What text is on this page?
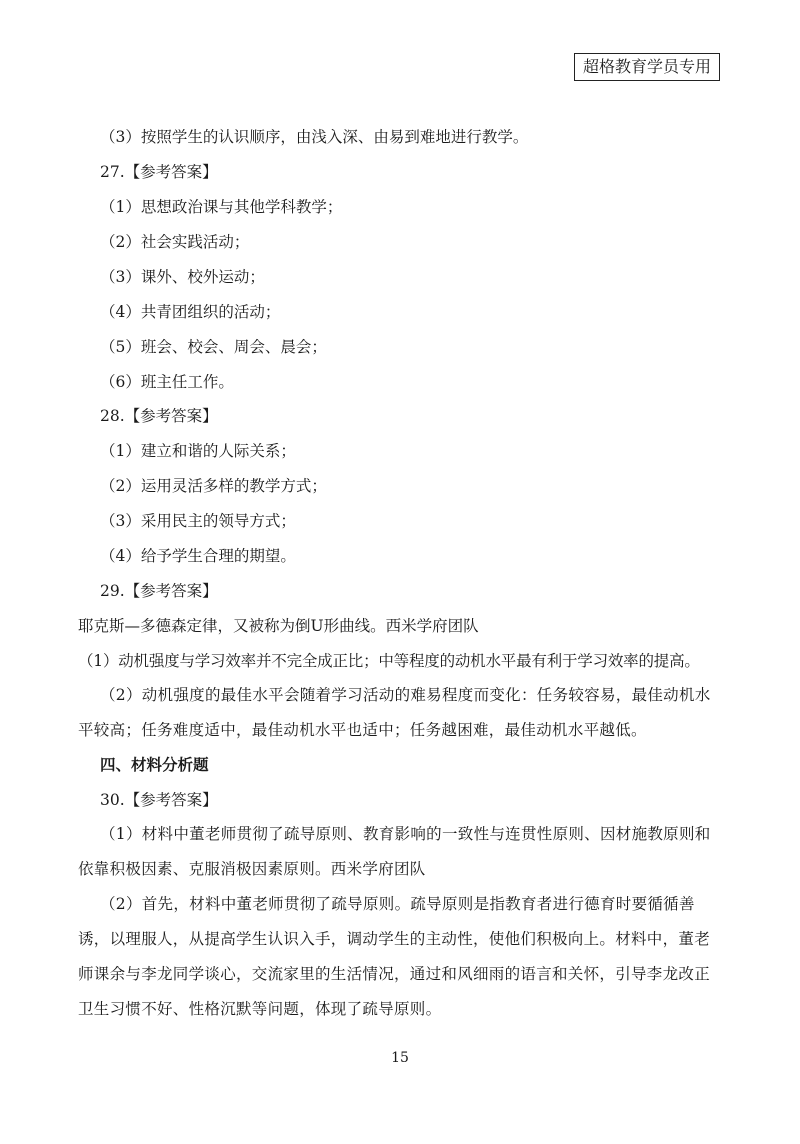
超格教育学员专用
（3）按照学生的认识顺序，由浅入深、由易到难地进行教学。
27.【参考答案】
（1）思想政治课与其他学科教学；
（2）社会实践活动；
（3）课外、校外运动；
（4）共青团组织的活动；
（5）班会、校会、周会、晨会；
（6）班主任工作。
28.【参考答案】
（1）建立和谐的人际关系；
（2）运用灵活多样的教学方式；
（3）采用民主的领导方式；
（4）给予学生合理的期望。
29.【参考答案】
耶克斯—多德森定律，又被称为倒U形曲线。西米学府团队
（1）动机强度与学习效率并不完全成正比；中等程度的动机水平最有利于学习效率的提高。
（2）动机强度的最佳水平会随着学习活动的难易程度而变化：任务较容易，最佳动机水平较高；任务难度适中，最佳动机水平也适中；任务越困难，最佳动机水平越低。
四、材料分析题
30.【参考答案】
（1）材料中董老师贯彻了疏导原则、教育影响的一致性与连贯性原则、因材施教原则和依靠积极因素、克服消极因素原则。西米学府团队
（2）首先，材料中董老师贯彻了疏导原则。疏导原则是指教育者进行德育时要循循善诱，以理服人，从提高学生认识入手，调动学生的主动性，使他们积极向上。材料中，董老师课余与李龙同学谈心，交流家里的生活情况，通过和风细雨的语言和关怀，引导李龙改正卫生习惯不好、性格沉默等问题，体现了疏导原则。
15
